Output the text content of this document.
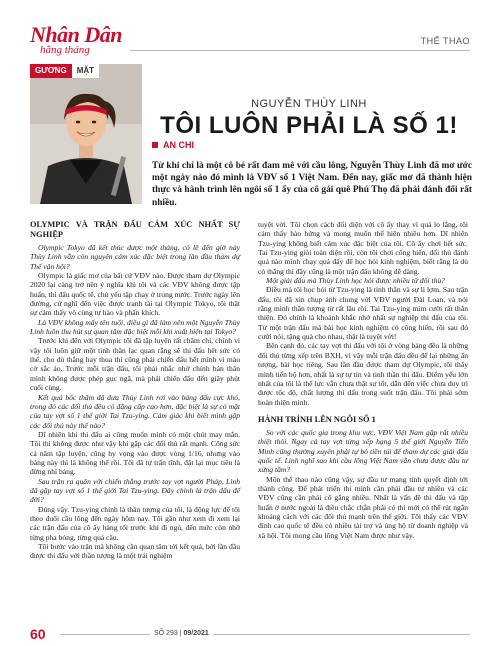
Nhân Dân
hằng tháng
THỂ THAO
GƯƠNG	MẶT
NGUYỄN THÙY LINH
TÔI LUÔN PHẢI LÀ SỐ 1!
AN CHI
Từ khi chỉ là một cô bé rất đam mê với cầu lông, Nguyễn Thùy Linh đã mơ ước một ngày nào đó mình là VĐV số 1 Việt Nam. Đến nay, giấc mơ đã thành hiện thực và hành trình lên ngôi số 1 ấy của cô gái quê Phú Thọ đã phải đánh đổi rất nhiều.
OLYMPIC VÀ TRẬN ĐẤU CẢM XÚC NHẤT SỰ NGHIỆP

Olympic Tokyo đã kết thúc được một tháng, có lẽ đến giờ này Thùy Linh vẫn còn nguyên cảm xúc đặc biệt trong lần đầu tham dự Thế vận hội?

Olympic là giấc mơ của bất cứ VĐV nào. Được tham dự Olympic 2020 lại càng trở nên ý nghĩa khi tôi và các VĐV không được tập huấn, thi đấu quốc tế, chủ yếu tập chay ở trong nước. Trước ngày lên đường, cứ nghĩ đến việc được tranh tài tại Olympic Tokyo, tôi thật sự cảm thấy vô cùng tự hào và phấn khích.

Là VĐV không mấy tên tuổi, điều gì đã làm nên một Nguyễn Thùy Linh luôn thu hút sự quan tâm đặc biệt mỗi khi xuất hiện tại Tokyo?

Trước khi đến với Olympic tôi đã tập luyện rất chăm chỉ, chính vì vậy tôi luôn giữ một tinh thần lạc quan rằng sẽ thi đấu hết sức có thể, cho dù thắng hay thua thì cũng phải chiến đấu hết mình vì màu cờ sắc áo. Trước mỗi trận đấu, tôi phải nhắc nhở chính bản thân mình không được phép gục ngã, mà phải chiến đấu đến giây phút cuối cùng.

Kết quả bốc thăm đã đưa Thùy Linh rơi vào bảng đấu cực khó, trong đó các đối thủ đều có đẳng cấp cao hơn, đặc biệt là sự có mặt của tay vợt số 1 thế giới Tai Tzu-ying. Cảm giác khi biết mình gặp các đối thủ này thế nào?

Dĩ nhiên khi thi đấu ai cũng muốn mình có một chút may mắn. Tôi thì không được như vậy khi gặp các đối thủ rất mạnh. Công sức cả năm tập luyện, cũng hy vọng vào được vòng 1/16, nhưng vào bảng này thì là không thể rồi. Tôi đã tự trấn tĩnh, đặt lại mục tiêu là đừng nhì bảng.

Sau trận ra quân với chiến thắng trước tay vợt người Pháp, Linh đã gặp tay vợt số 1 thế giới Tai Tzu-ying. Đây chính là trận đấu để đời?

Đúng vậy. Tzu-ying chính là thần tượng của tôi, là động lực để tôi theo đuổi cầu lông đến ngày hôm nay. Tôi gần như xem đi xem lại các trận đấu của cô ấy hàng tối trước khi đi ngủ, đến mức còn nhớ từng pha bóng, từng quả cầu.

Tôi bước vào trận mà không cần quan tâm tới kết quả, bởi lần đầu được thi đấu với thần tượng là một trải nghiệm

tuyệt vời. Tôi chọn cách đối diện với cô ấy thay vì quá lo lắng, tôi cảm thấy hào hứng và mong muốn thể hiện nhiều hơn. Dĩ nhiên Tzu-ying không biết cảm xúc đặc biệt của tôi. Cô ấy chơi hết sức. Tai Tzu-ying giỏi toàn diện rồi, còn tôi chơi cống hiến, đối thủ đánh quả nào mình chạy quả đấy để học hỏi kinh nghiệm, biết rằng là dù có thắng thì đây cũng là một trận đấu không dễ dàng.

Một giải đấu mà Thùy Linh học hỏi được nhiều từ đối thủ?

Điều mà tôi học hỏi từ Tzu-ying là tinh thần và sự lì lợm. Sau trận đấu, tôi đã xin chụp ảnh chung với VĐV người Đài Loan, và nói rằng mình thần tượng từ rất lâu rồi. Tai Tzu-ying mỉm cười rất thân thiện. Đó chính là khoảnh khắc nhớ nhất sự nghiệp thi đấu của tôi. Từ một trận đấu mà bài học kinh nghiệm có công hiến, rồi sau đó cười nói, tặng quà cho nhau, thật là tuyệt vời!

Bên cạnh đó, các tay vợt thi đấu với tôi ở vòng bảng đều là những đối thủ từng xếp trên BXH, vì vậy mỗi trận đấu đều để lại những ấn tượng, bài học riêng. Sau lần đầu được tham dự Olympic, tôi thấy mình tiến bộ hơn, nhất là sự tự tin và tinh thần thi đấu. Điểm yếu lớn nhất của tôi là thể lực vẫn chưa thật sự tốt, dẫn đến việc chưa duy trì được tốc độ, chất lượng thi đấu trong suốt trận đấu. Tôi phải sớm hoàn thiện mình.

HÀNH TRÌNH LÊN NGÔI SỐ 1

So với các quốc gia trong khu vực, VĐV Việt Nam gặp rất nhiều thiệt thòi. Ngay cả tay vợt từng xếp hạng 5 thế giới Nguyễn Tiến Minh cũng thường xuyên phải tự bỏ tiền túi để tham dự các giải đấu quốc tế. Linh nghĩ sao khi cầu lông Việt Nam vẫn chưa được đầu tư xứng tầm?

Môn thể thao nào cũng vậy, sự đầu tư mang tính quyết định tới thành công. Để phát triển thì mình cần phải đầu tư nhiều và các VĐV cũng cần phải cố gắng nhiều. Nhất là vấn đề thi đấu và tập huấn ở nước ngoài là điều chắc chắn phải có thì mới có thể rút ngắn khoảng cách với các đối thủ mạnh trên thế giới. Tôi thấy các VĐV đỉnh cao quốc tế đều có nhiều tài trợ và ủng hộ từ doanh nghiệp và xã hội. Tôi mong cầu lông Việt Nam được như vậy.

60	SỐ 293 | 09/2021
